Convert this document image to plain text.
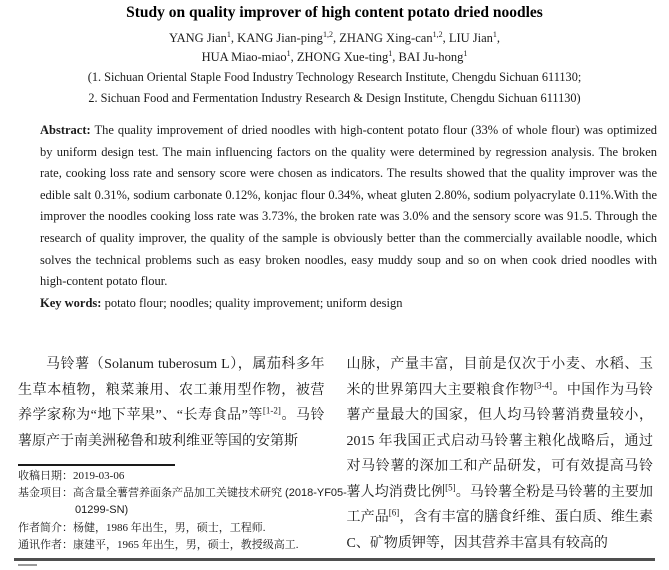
Study on quality improver of high content potato dried noodles
YANG Jian$^1$, KANG Jian-ping$^{1,2}$, ZHANG Xing-can$^{1,2}$, LIU Jian$^1$,
HUA Miao-miao$^1$, ZHONG Xue-ting$^1$, BAI Ju-hong$^1$
(1. Sichuan Oriental Staple Food Industry Technology Research Institute, Chengdu Sichuan 611130;
2. Sichuan Food and Fermentation Industry Research & Design Institute, Chengdu Sichuan 611130)
Abstract: The quality improvement of dried noodles with high-content potato flour (33% of whole flour) was optimized by uniform design test. The main influencing factors on the quality were determined by regression analysis. The broken rate, cooking loss rate and sensory score were chosen as indicators. The results showed that the quality improver was the edible salt 0.31%, sodium carbonate 0.12%, konjac flour 0.34%, wheat gluten 2.80%, sodium polyacrylate 0.11%.With the improver the noodles cooking loss rate was 3.73%, the broken rate was 3.0% and the sensory score was 91.5. Through the research of quality improver, the quality of the sample is obviously better than the commercially available noodle, which solves the technical problems such as easy broken noodles, easy muddy soup and so on when cook dried noodles with high-content potato flour.
Key words: potato flour; noodles; quality improvement; uniform design

马铃薯（Solanum tuberosum L），属茄科多年生草本植物，粮菜兼用、农工兼用型作物，被营养学家称为“地下苹果”、“长寿食品”等[1-2]。马铃薯原产于南美洲秘鲁和玻利维亚等国的安第斯

山脉，产量丰富，目前是仅次于小麦、水稻、玉米的世界第四大主要粮食作物[3-4]。中国作为马铃薯产量最大的国家，但人均马铃薯消费量较小，2015 年我国正式启动马铃薯主粮化战略后，通过对马铃薯的深加工和产品研发，可有效提高马铃薯人均消费比例[5]。马铃薯全粉是马铃薯的主要加工产品[6]，含有丰富的膳食纤维、蛋白质、维生素 C、矿物质钾等，因其营养丰富具有较高的

收稿日期：2019-03-06
基金项目：高含量全薯营养面条产品加工关键技术研究 (2018-YF05-01299-SN)
作者简介：杨健，1986 年出生，男，硕士，工程师.
通讯作者：康建平，1965 年出生，男，硕士，教授级高工.
